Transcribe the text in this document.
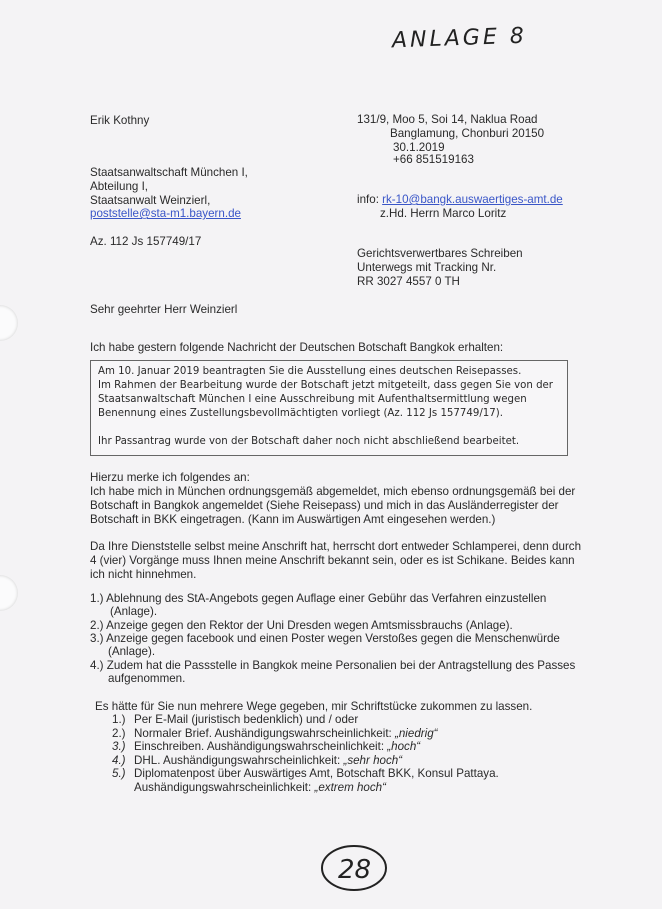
ANLAGE 8
Erik Kothny	131/9, Moo 5, Soi 14, Naklua Road
Banglamung, Chonburi 20150
30.1.2019
+66 851519163
Staatsanwaltschaft München I,
Abteilung I,
Staatsanwalt Weinzierl,
poststelle@sta-m1.bayern.de
Az. 112 Js 157749/17
info: rk-10@bangk.auswaertiges-amt.de
z.Hd. Herrn Marco Loritz
Gerichtsverwertbares Schreiben
Unterwegs mit Tracking Nr.
RR 3027 4557 0 TH
Sehr geehrter Herr Weinzierl
Ich habe gestern folgende Nachricht der Deutschen Botschaft Bangkok erhalten:
Am 10. Januar 2019 beantragten Sie die Ausstellung eines deutschen Reisepasses.
Im Rahmen der Bearbeitung wurde der Botschaft jetzt mitgeteilt, dass gegen Sie von der
Staatsanwaltschaft München I eine Ausschreibung mit Aufenthaltsermittlung wegen
Benennung eines Zustellungsbevollmächtigten vorliegt (Az. 112 Js 157749/17).
Ihr Passantrag wurde von der Botschaft daher noch nicht abschließend bearbeitet.
Hierzu merke ich folgendes an:
Ich habe mich in München ordnungsgemäß abgemeldet, mich ebenso ordnungsgemäß bei der
Botschaft in Bangkok angemeldet (Siehe Reisepass) und mich in das Ausländerregister der
Botschaft in BKK eingetragen. (Kann im Auswärtigen Amt eingesehen werden.)
Da Ihre Dienststelle selbst meine Anschrift hat, herrscht dort entweder Schlamperei, denn durch
4 (vier) Vorgänge muss Ihnen meine Anschrift bekannt sein, oder es ist Schikane. Beides kann
ich nicht hinnehmen.
1.) Ablehnung des StA-Angebots gegen Auflage einer Gebühr das Verfahren einzustellen
(Anlage).
2.) Anzeige gegen den Rektor der Uni Dresden wegen Amtsmissbrauchs (Anlage).
3.) Anzeige gegen facebook und einen Poster wegen Verstoßes gegen die Menschenwürde
(Anlage).
4.) Zudem hat die Passstelle in Bangkok meine Personalien bei der Antragstellung des Passes
aufgenommen.
Es hätte für Sie nun mehrere Wege gegeben, mir Schriftstücke zukommen zu lassen.
1.) Per E-Mail (juristisch bedenklich) und / oder
2.) Normaler Brief. Aushändigungswahrscheinlichkeit: „niedrig“
3.) Einschreiben. Aushändigungswahrscheinlichkeit: „hoch“
4.) DHL. Aushändigungswahrscheinlichkeit: „sehr hoch“
5.) Diplomatenpost über Auswärtiges Amt, Botschaft BKK, Konsul Pattaya.
Aushändigungswahrscheinlichkeit: „extrem hoch“
28
